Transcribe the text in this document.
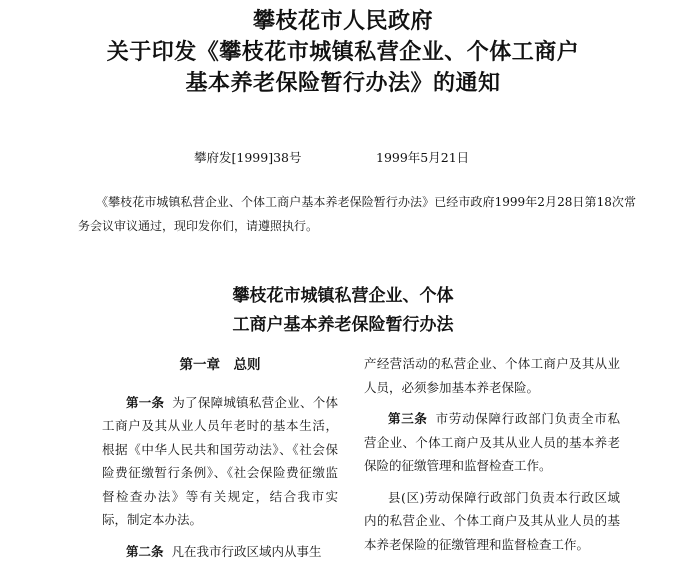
攀枝花市人民政府
关于印发《攀枝花市城镇私营企业、个体工商户
基本养老保险暂行办法》的通知
攀府发[1999]38号	1999年5月21日
《攀枝花市城镇私营企业、个体工商户基本养老保险暂行办法》已经市政府1999年2月28日第18次常务会议审议通过，现印发你们，请遵照执行。
攀枝花市城镇私营企业、个体
工商户基本养老保险暂行办法
第一章　总则

第一条 为了保障城镇私营企业、个体工商户及其从业人员年老时的基本生活，根据《中华人民共和国劳动法》、《社会保险费征缴暂行条例》、《社会保险费征缴监督检查办法》等有关规定，结合我市实际，制定本办法。

第二条 凡在我市行政区域内从事生

产经营活动的私营企业、个体工商户及其从业人员，必须参加基本养老保险。

第三条 市劳动保障行政部门负责全市私营企业、个体工商户及其从业人员的基本养老保险的征缴管理和监督检查工作。

县(区)劳动保障行政部门负责本行政区域内的私营企业、个体工商户及其从业人员的基本养老保险的征缴管理和监督检查工作。
